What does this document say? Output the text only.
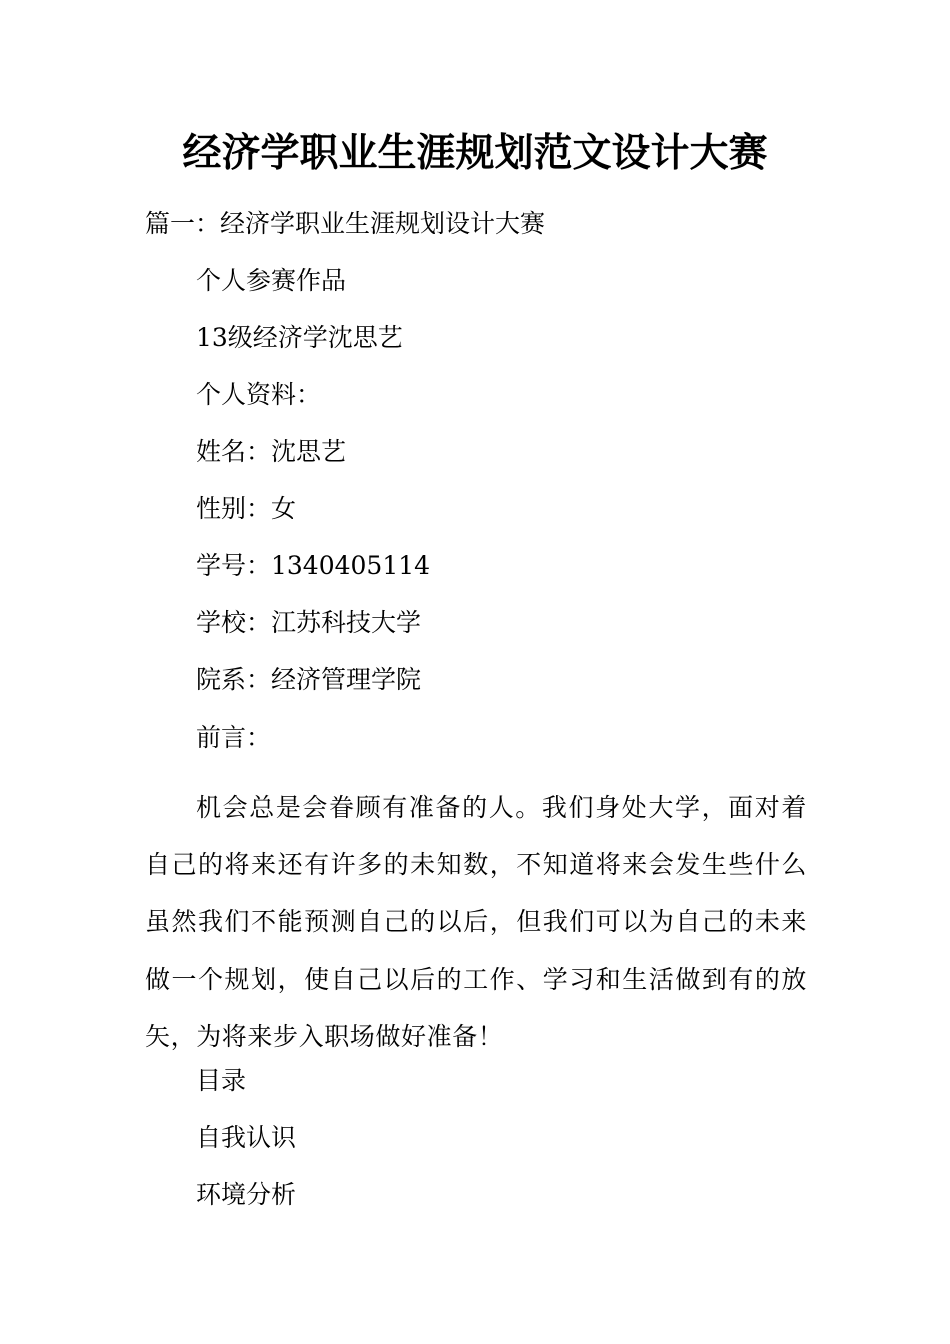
经济学职业生涯规划范文设计大赛
篇一：经济学职业生涯规划设计大赛
个人参赛作品
13级经济学沈思艺
个人资料：
姓名：沈思艺
性别：女
学号：1340405114
学校：江苏科技大学
院系：经济管理学院
前言：
机会总是会眷顾有准备的人。我们身处大学，面对着自己的将来还有许多的未知数，不知道将来会发生些什么虽然我们不能预测自己的以后，但我们可以为自己的未来做一个规划，使自己以后的工作、学习和生活做到有的放矢，为将来步入职场做好准备！
目录
自我认识
环境分析
